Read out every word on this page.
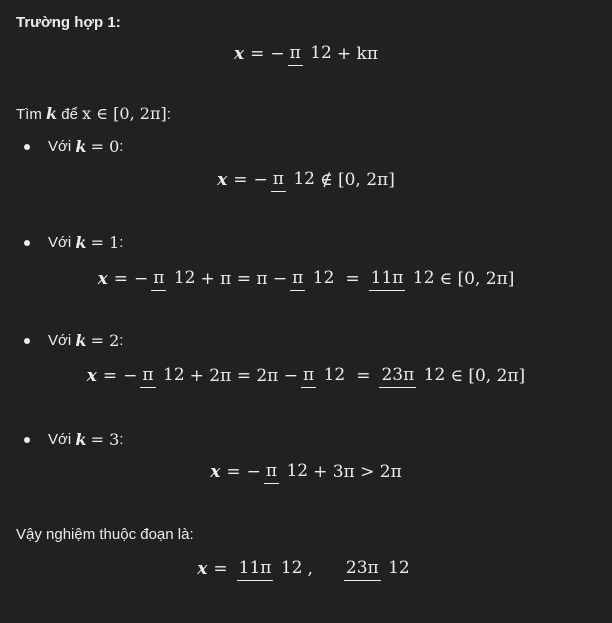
Trường hợp 1:
x = − π 12 + kπ
Tìm k để x ∈ [0, 2π]:
Với
k
= 0 :
x = − π 12 ∉ [0, 2π]
Với
k
= 1 :
x = − π 12 + π = π − π 12 = 11π 12 ∈ [0, 2π]
Với
k
= 2 :
x = − π 12 + 2π = 2π − π 12 = 23π 12 ∈ [0, 2π]
Với
k
= 3 :
x = − π 12 + 3π > 2π
Vậy nghiệm thuộc đoạn là:
x = 11π 12 , 23π 12
